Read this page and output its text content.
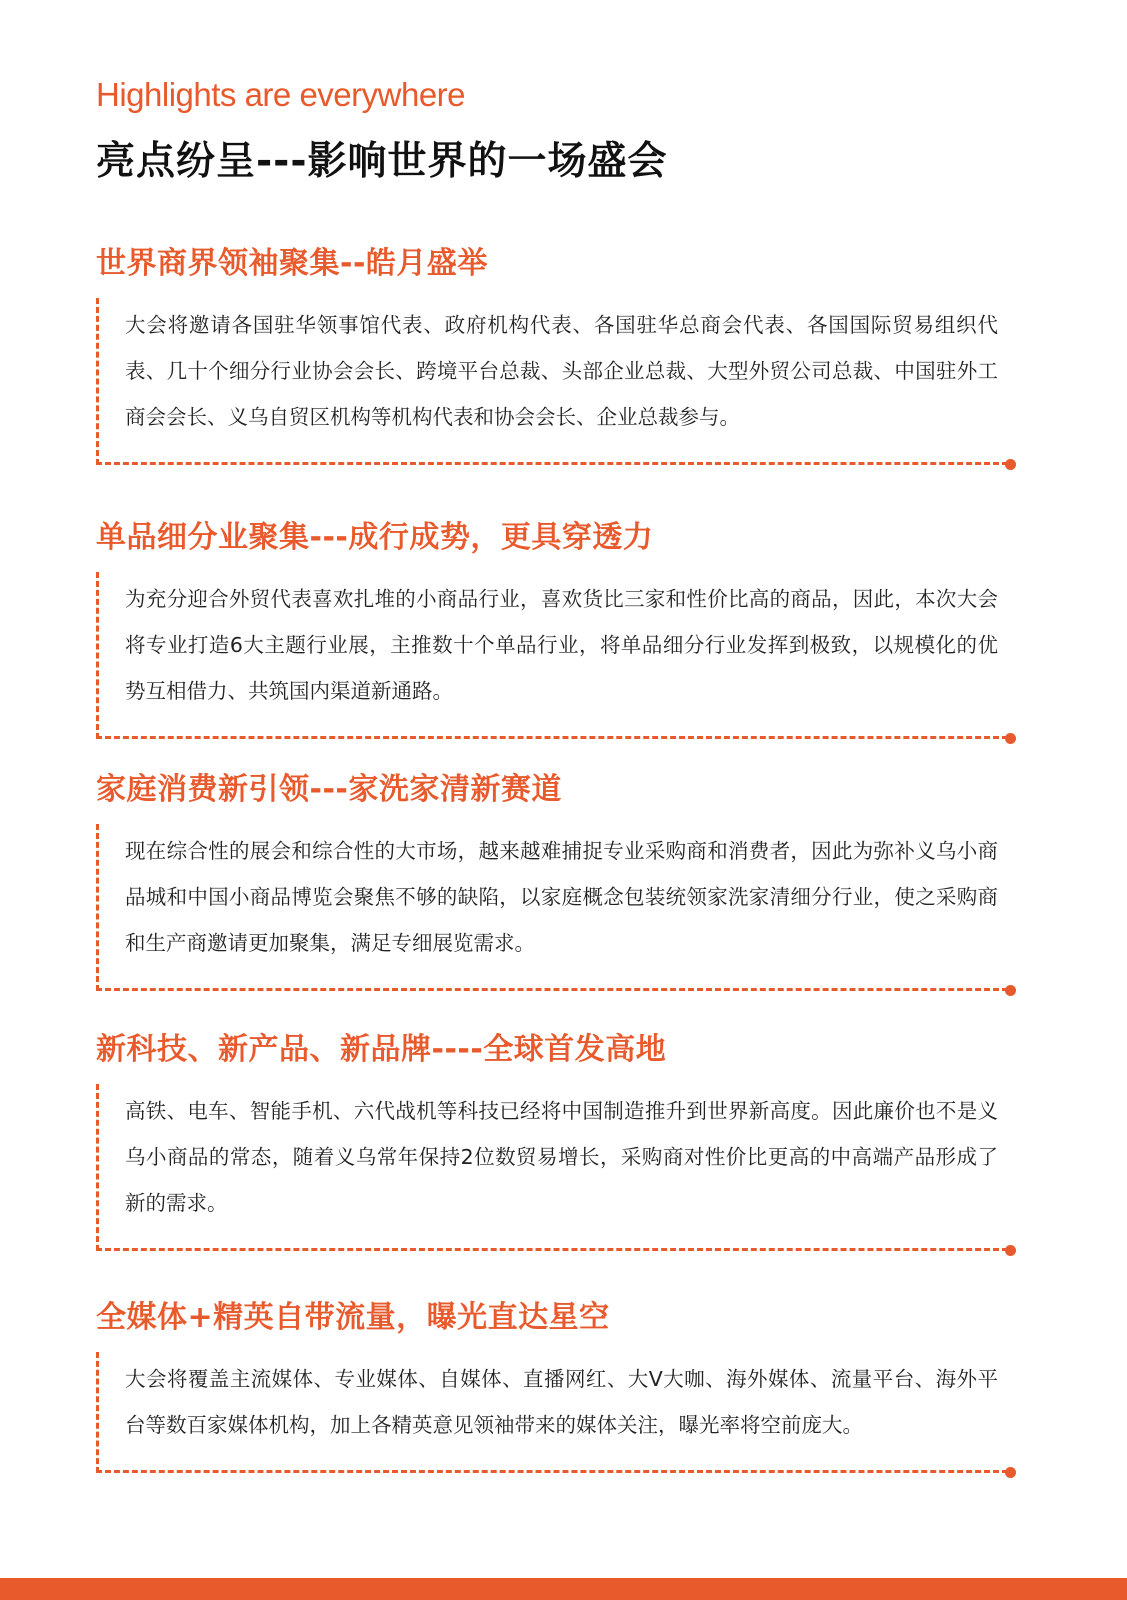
Highlights are everywhere
亮点纷呈---影响世界的一场盛会
世界商界领袖聚集--皓月盛举

大会将邀请各国驻华领事馆代表、政府机构代表、各国驻华总商会代表、各国国际贸易组织代表、几十个细分行业协会会长、跨境平台总裁、头部企业总裁、大型外贸公司总裁、中国驻外工商会会长、义乌自贸区机构等机构代表和协会会长、企业总裁参与。

单品细分业聚集---成行成势，更具穿透力

为充分迎合外贸代表喜欢扎堆的小商品行业，喜欢货比三家和性价比高的商品，因此，本次大会将专业打造6大主题行业展，主推数十个单品行业，将单品细分行业发挥到极致，以规模化的优势互相借力、共筑国内渠道新通路。

家庭消费新引领---家洗家清新赛道

现在综合性的展会和综合性的大市场，越来越难捕捉专业采购商和消费者，因此为弥补义乌小商品城和中国小商品博览会聚焦不够的缺陷，以家庭概念包装统领家洗家清细分行业，使之采购商和生产商邀请更加聚集，满足专细展览需求。

新科技、新产品、新品牌----全球首发高地

高铁、电车、智能手机、六代战机等科技已经将中国制造推升到世界新高度。因此廉价也不是义乌小商品的常态，随着义乌常年保持2位数贸易增长，采购商对性价比更高的中高端产品形成了新的需求。

全媒体+精英自带流量，曝光直达星空

大会将覆盖主流媒体、专业媒体、自媒体、直播网红、大V大咖、海外媒体、流量平台、海外平台等数百家媒体机构，加上各精英意见领袖带来的媒体关注，曝光率将空前庞大。
